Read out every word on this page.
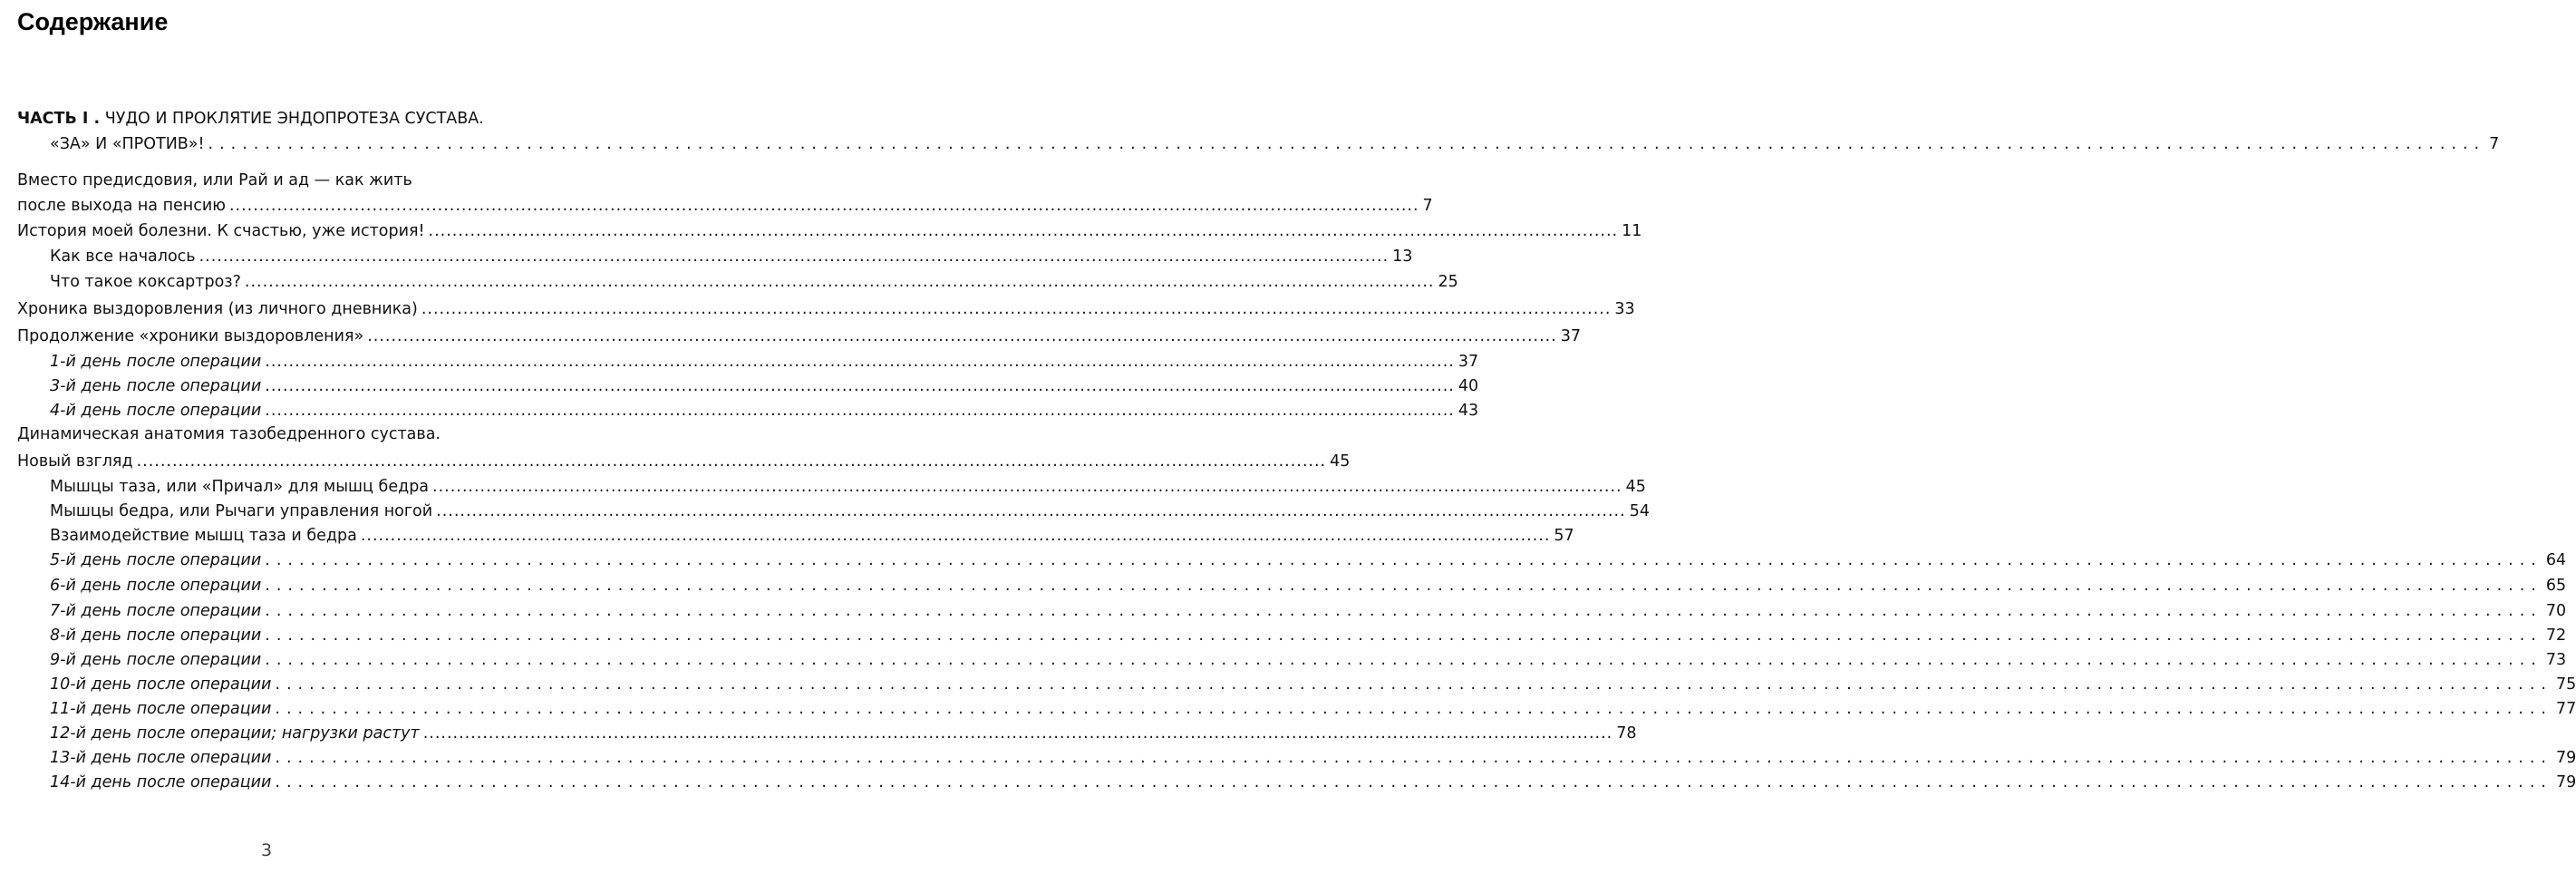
Содержание
ЧАСТЬ I . ЧУДО И ПРОКЛЯТИЕ ЭНДОПРОТЕЗА СУСТАВА.
«ЗА» И «ПРОТИВ»! ........................................................................................................................................................................................................ 7
Вместо предисдовия, или Рай и ад — как жить
после выхода на пенсию ........................................................................................................................................................................................................ 7
История моей болезни. К счастью, уже история! ........................................................................................................................................................................................................ 11
Как все началось ........................................................................................................................................................................................................ 13
Что такое коксартроз? ........................................................................................................................................................................................................ 25
Хроника выздоровления (из личного дневника) ........................................................................................................................................................................................................ 33
Продолжение «хроники выздоровления» ........................................................................................................................................................................................................ 37
1-й день после операции ........................................................................................................................................................................................................ 37
3-й день после операции ........................................................................................................................................................................................................ 40
4-й день после операции ........................................................................................................................................................................................................ 43
Динамическая анатомия тазобедренного сустава.
Новый взгляд ........................................................................................................................................................................................................ 45
Мышцы таза, или «Причал» для мышц бедра ........................................................................................................................................................................................................ 45
Мышцы бедра, или Рычаги управления ногой ........................................................................................................................................................................................................ 54
Взаимодействие мышц таза и бедра ........................................................................................................................................................................................................ 57
5-й день после операции ........................................................................................................................................................................................................ 64
6-й день после операции ........................................................................................................................................................................................................ 65
7-й день после операции ........................................................................................................................................................................................................ 70
8-й день после операции ........................................................................................................................................................................................................ 72
9-й день после операции ........................................................................................................................................................................................................ 73
10-й день после операции ........................................................................................................................................................................................................ 75
11-й день после операции ........................................................................................................................................................................................................ 77
12-й день после операции; нагрузки растут ........................................................................................................................................................................................................ 78
13-й день после операции ........................................................................................................................................................................................................ 79
14-й день после операции ........................................................................................................................................................................................................ 79
3
